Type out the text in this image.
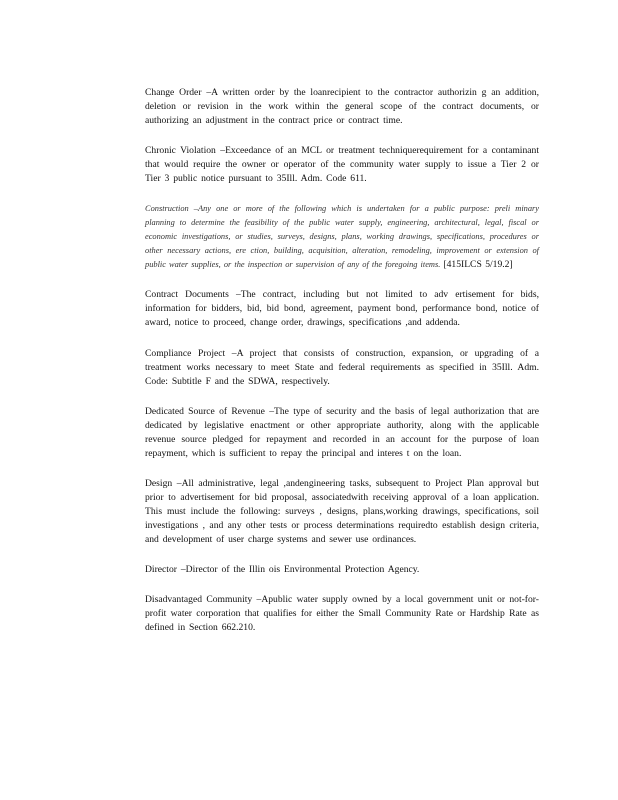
Change Order –A written order by the loanrecipient to the contractor authorizin g an addition, deletion or revision in the work within the general scope of the contract documents, or authorizing an adjustment in the contract price or contract time.

Chronic Violation –Exceedance of an MCL or treatment techniquerequirement for a contaminant that would require the owner or operator of the community water supply to issue a Tier 2 or Tier 3 public notice pursuant to 35Ill. Adm. Code 611.

Construction –Any one or more of the following which is undertaken for a public purpose: preli minary planning to determine the feasibility of the public water supply, engineering, architectural, legal, fiscal or economic investigations, or studies, surveys, designs, plans, working drawings, specifications, procedures or other necessary actions, ere ction, building, acquisition, alteration, remodeling, improvement or extension of public water supplies, or the inspection or supervision of any of the foregoing items. [415ILCS 5/19.2]

Contract Documents –The contract, including but not limited to adv ertisement for bids, information for bidders, bid, bid bond, agreement, payment bond, performance bond, notice of award, notice to proceed, change order, drawings, specifications ,and addenda.

Compliance Project –A project that consists of construction, expansion, or upgrading of a treatment works necessary to meet State and federal requirements as specified in 35Ill. Adm. Code: Subtitle F and the SDWA, respectively.

Dedicated Source of Revenue –The type of security and the basis of legal authorization that are dedicated by legislative enactment or other appropriate authority, along with the applicable revenue source pledged for repayment and recorded in an account for the purpose of loan repayment, which is sufficient to repay the principal and interes t on the loan.

Design –All administrative, legal ,andengineering tasks, subsequent to Project Plan approval but prior to advertisement for bid proposal, associatedwith receiving approval of a loan application. This must include the following: surveys , designs, plans,working drawings, specifications, soil investigations , and any other tests or process determinations requiredto establish design criteria, and development of user charge systems and sewer use ordinances.

Director –Director of the Illin ois Environmental Protection Agency.

Disadvantaged Community –Apublic water supply owned by a local government unit or not-for-profit water corporation that qualifies for either the Small Community Rate or Hardship Rate as defined in Section 662.210.
